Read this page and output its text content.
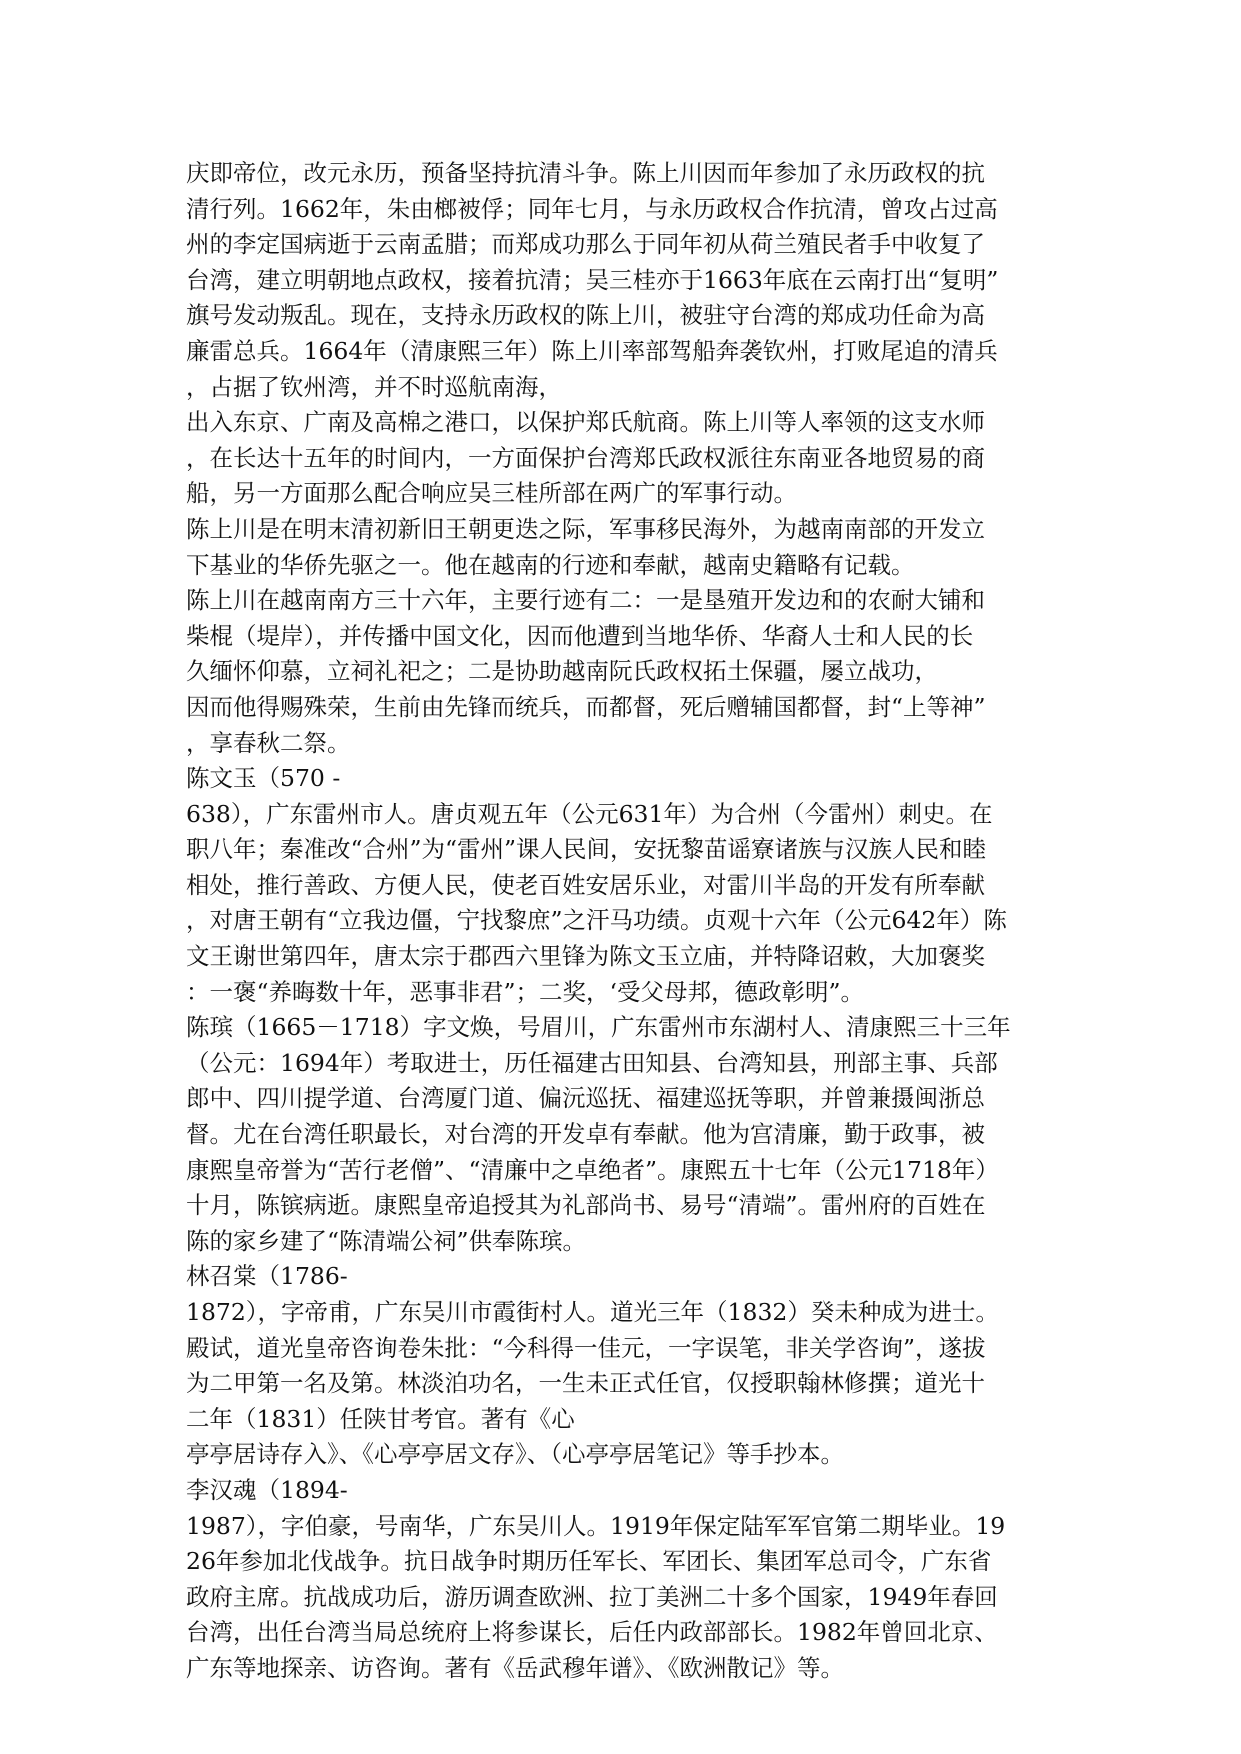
庆即帝位，改元永历，预备坚持抗清斗争。陈上川因而年参加了永历政权的抗
清行列。1662年，朱由榔被俘；同年七月，与永历政权合作抗清，曾攻占过高
州的李定国病逝于云南孟腊；而郑成功那么于同年初从荷兰殖民者手中收复了
台湾，建立明朝地点政权，接着抗清；吴三桂亦于1663年底在云南打出“复明”
旗号发动叛乱。现在，支持永历政权的陈上川，被驻守台湾的郑成功任命为高
廉雷总兵。1664年（清康熙三年）陈上川率部驾船奔袭钦州，打败尾追的清兵
，占据了钦州湾，并不时巡航南海，
出入东京、广南及高棉之港口，以保护郑氏航商。陈上川等人率领的这支水师
，在长达十五年的时间内，一方面保护台湾郑氏政权派往东南亚各地贸易的商
船，另一方面那么配合响应吴三桂所部在两广的军事行动。
陈上川是在明末清初新旧王朝更迭之际，军事移民海外，为越南南部的开发立
下基业的华侨先驱之一。他在越南的行迹和奉献，越南史籍略有记载。
陈上川在越南南方三十六年，主要行迹有二：一是垦殖开发边和的农耐大铺和
柴棍（堤岸），并传播中国文化，因而他遭到当地华侨、华裔人士和人民的长
久缅怀仰慕，立祠礼祀之；二是协助越南阮氏政权拓土保疆，屡立战功，
因而他得赐殊荣，生前由先锋而统兵，而都督，死后赠辅国都督，封“上等神”
，享春秋二祭。
陈文玉（570 -
638），广东雷州市人。唐贞观五年（公元631年）为合州（今雷州）刺史。在
职八年；秦准改“合州”为“雷州”课人民间，安抚黎苗谣寮诸族与汉族人民和睦
相处，推行善政、方便人民，使老百姓安居乐业，对雷川半岛的开发有所奉献
，对唐王朝有“立我边僵，宁找黎庶”之汗马功绩。贞观十六年（公元642年）陈
文王谢世第四年，唐太宗于郡西六里锋为陈文玉立庙，并特降诏敕，大加褒奖
：一褒“养晦数十年，恶事非君”；二奖，‘受父母邦，德政彰明”。
陈瑸（1665－1718）字文焕，号眉川，广东雷州市东湖村人、清康熙三十三年
（公元：1694年）考取进士，历任福建古田知县、台湾知县，刑部主事、兵部
郎中、四川提学道、台湾厦门道、偏沅巡抚、福建巡抚等职，并曾兼摄闽浙总
督。尤在台湾任职最长，对台湾的开发卓有奉献。他为宫清廉，勤于政事，被
康熙皇帝誉为“苦行老僧”、“清廉中之卓绝者”。康熙五十七年（公元1718年）
十月，陈镔病逝。康熙皇帝追授其为礼部尚书、易号“清端”。雷州府的百姓在
陈的家乡建了“陈清端公祠”供奉陈瑸。
林召棠（1786-
1872），字帝甫，广东吴川市霞街村人。道光三年（1832）癸未种成为进士。
殿试，道光皇帝咨询卷朱批：“今科得一佳元，一字误笔，非关学咨询”，遂拔
为二甲第一名及第。林淡泊功名，一生未正式任官，仅授职翰林修撰；道光十
二年（1831）任陕甘考官。著有《心
亭亭居诗存入》、《心亭亭居文存》、（心亭亭居笔记》等手抄本。
李汉魂（1894-
1987），字伯豪，号南华，广东吴川人。1919年保定陆军军官第二期毕业。19
26年参加北伐战争。抗日战争时期历任军长、军团长、集团军总司令，广东省
政府主席。抗战成功后，游历调查欧洲、拉丁美洲二十多个国家，1949年春回
台湾，出任台湾当局总统府上将参谋长，后任内政部部长。1982年曾回北京、
广东等地探亲、访咨询。著有《岳武穆年谱》、《欧洲散记》等。
